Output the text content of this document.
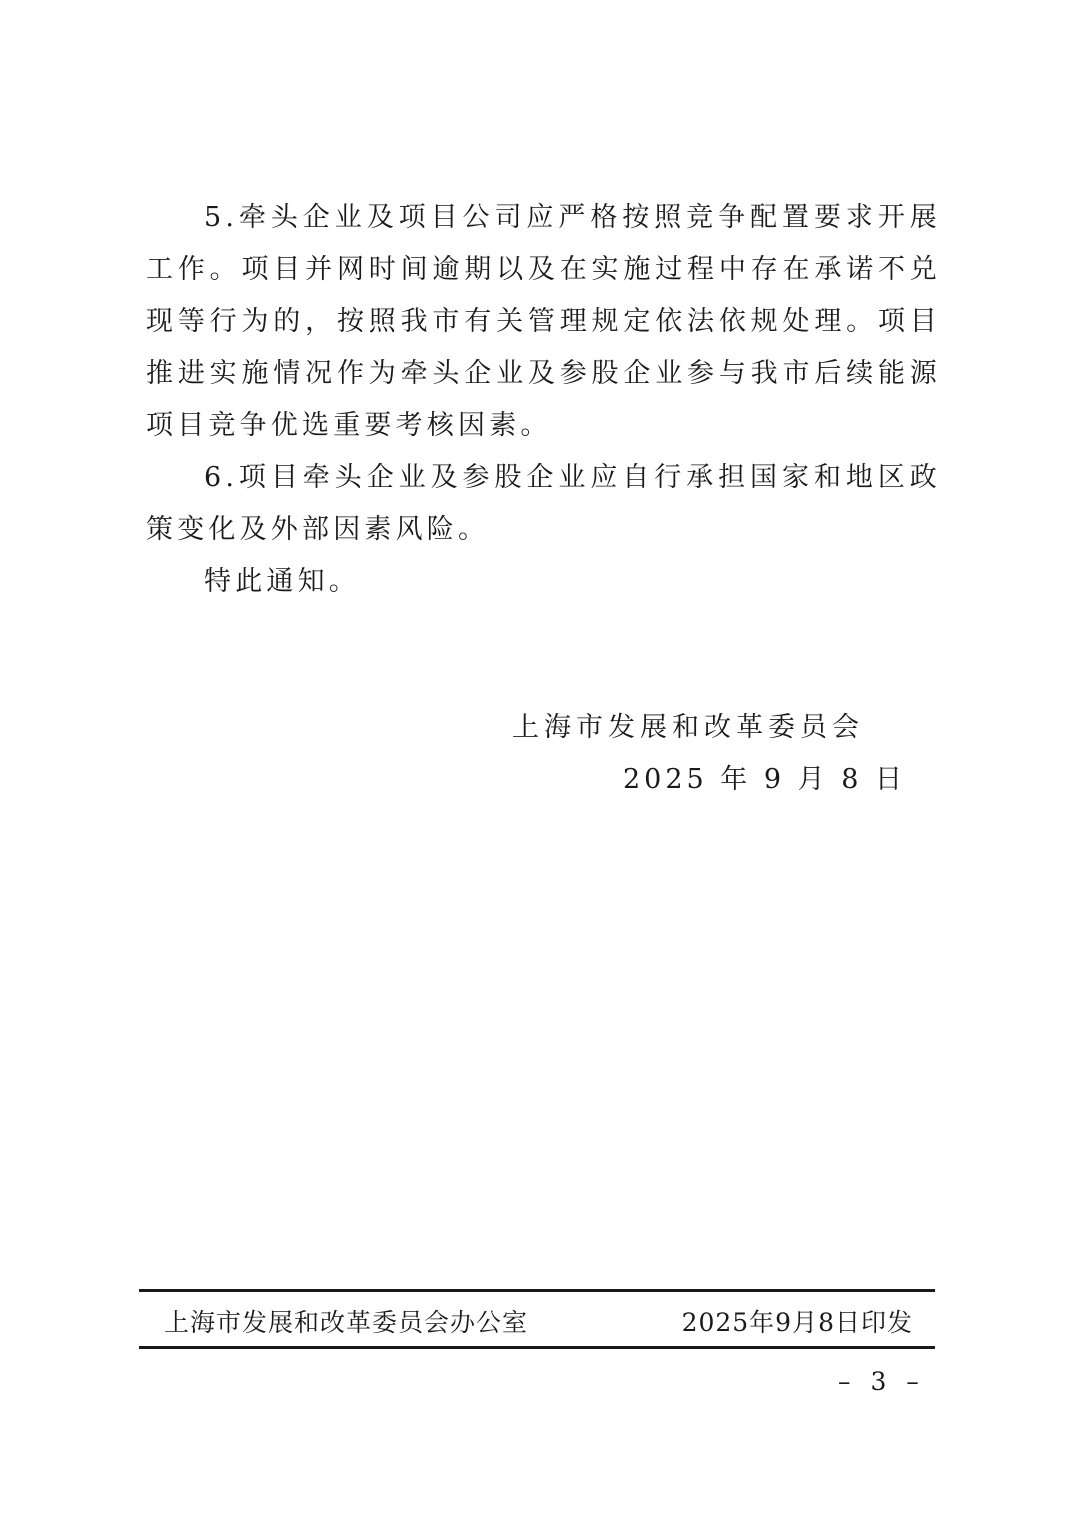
5.牵头企业及项目公司应严格按照竞争配置要求开展工作。项目并网时间逾期以及在实施过程中存在承诺不兑现等行为的，按照我市有关管理规定依法依规处理。项目推进实施情况作为牵头企业及参股企业参与我市后续能源项目竞争优选重要考核因素。

6.项目牵头企业及参股企业应自行承担国家和地区政策变化及外部因素风险。

特此通知。

上海市发展和改革委员会
2025 年 9 月 8 日
上海市发展和改革委员会办公室	2025年9月8日印发
– 3 –
